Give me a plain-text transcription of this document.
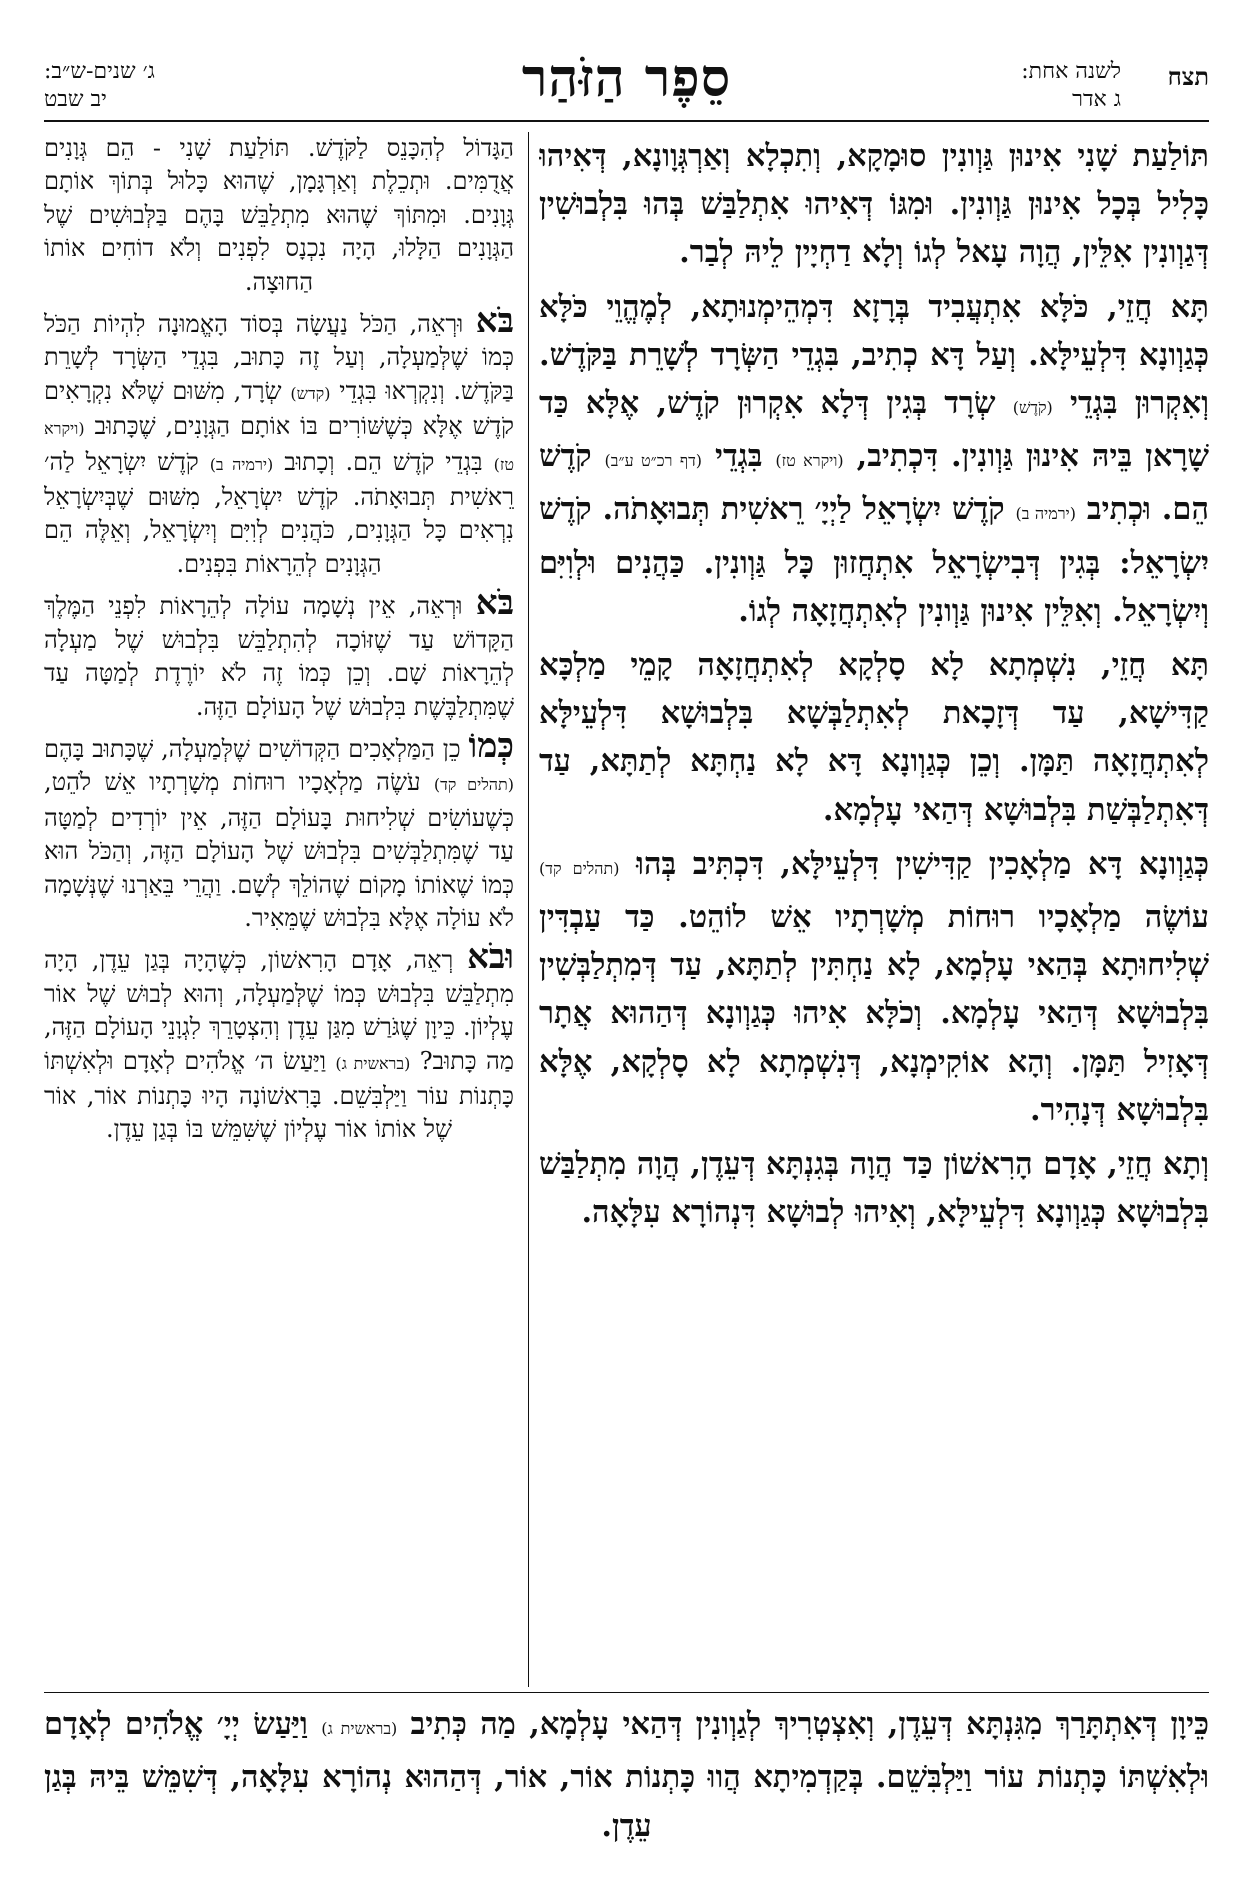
תצח
לשנה אחת:
ג אדר
סֵפֶר הַזֹּהַר
ג׳ שנים-ש״ב:
יב שבט

תּוֹלַעַת שָׁנִי אִינוּן גַּוְונִין סוּמָקָא, וְתִכְלָא וְאַרְגְּוָונָא, דְּאִיהוּ כָּלִיל בְּכָל אִינוּן גַּוְונִין. וּמִגּוֹ דְּאִיהוּ אִתְלַבַּשׁ בְּהוּ בִּלְבוּשִׁין דְּגַוְונִין אִלֵּין, הֲוָה עָאל לְגוֹ וְלָא דַחְיָין לֵיהּ לְבַר.

תָּא חֲזֵי, כֹּלָּא אִתְעֲבִיד בְּרָזָא דִּמְהֵימְנוּתָא, לְמֶהֱוֵי כֹּלָּא כְּגַוְונָא דִּלְעֵילָּא. וְעַל דָּא כְתִיב, בִּגְדֵי הַשְּׂרָד לְשָׁרֵת בַּקֹּדֶשׁ. וְאִקְרוּן בִּגְדֵי (קֹדֶשׁ) שְׂרָד בְּגִין דְּלָא אִקְרוּן קֹדֶשׁ, אֶלָּא כַּד שָׁרָאן בֵּיהּ אִינוּן גַּוְונִין. דִּכְתִיב, (ויקרא טז) בִּגְדֵי (דף רכ״ט ע״ב) קֹדֶשׁ הֵם. וּכְתִיב (ירמיה ב) קֹדֶשׁ יִשְׂרָאֵל לַיְיָ׳ רֵאשִׁית תְּבוּאָתֹה. קֹדֶשׁ יִשְׂרָאֵל: בְּגִין דְּבִישְׂרָאֵל אִתְחֲזוּן כָּל גַּוְונִין. כַּהֲנִים וּלְוִיִּם וְיִשְׂרָאֵל. וְאִלֵּין אִינוּן גַּוְונִין לְאִתְחֲזָאָה לְגוֹ.

תָּא חֲזֵי, נִשְׁמְתָא לָא סָלְקָא לְאִתְחֲזָאָה קָמֵי מַלְכָּא קַדִּישָׁא, עַד דְּזָכָאת לְאִתְלַבְּשָׁא בִּלְבוּשָׁא דִּלְעֵילָּא לְאִתְחֲזָאָה תַּמָּן. וְכֵן כְּגַוְונָא דָּא לָא נַחְתָּא לְתַתָּא, עַד דְּאִתְלַבְּשַׁת בִּלְבוּשָׁא דְּהַאי עָלְמָא.

כְּגַוְונָא דָּא מַלְאָכִין קַדִּישִׁין דִּלְעֵילָּא, דִּכְתִּיב בְּהוּ (תהלים קד) עוֹשֶׂה מַלְאָכָיו רוּחוֹת מְשָׁרְתָיו אֵשׁ לוֹהֵט. כַּד עַבְדִּין שְׁלִיחוּתָא בְּהַאי עָלְמָא, לָא נַחְתִּין לְתַתָּא, עַד דְּמִתְלַבְּשִׁין בִּלְבוּשָׁא דְּהַאי עָלְמָא. וְכֹלָּא אִיהוּ כְּגַוְונָא דְּהַהוּא אֲתָר דְּאָזִיל תַּמָּן. וְהָא אוֹקִימְנָא, דְּנִשְׁמְתָא לָא סָלְקָא, אֶלָּא בִּלְבוּשָׁא דְּנָהִיר.

וְתָא חֲזֵי, אָדָם הָרִאשׁוֹן כַּד הֲוָה בְּגִנְתָּא דְּעֵדֶן, הֲוָה מִתְלַבַּשׁ בִּלְבוּשָׁא כְּגַוְונָא דִּלְעֵילָּא, וְאִיהוּ לְבוּשָׁא דִּנְהוֹרָא עִלָּאָה.

הַגָּדוֹל לְהִכָּנֵס לַקֹּדֶשׁ. תּוֹלַעַת שָׁנִי - הֵם גְּוָנִים אֲדֻמִּים. וּתְכֵלֶת וְאַרְגָּמָן, שֶׁהוּא כָּלוּל בְּתוֹךְ אוֹתָם גְּוָנִים. וּמִתּוֹךְ שֶׁהוּא מִתְלַבֵּשׁ בָּהֶם בַּלְּבוּשִׁים שֶׁל הַגְּוָנִים הַלָּלוּ, הָיָה נִכְנָס לִפְנִים וְלֹא דוֹחִים אוֹתוֹ הַחוּצָה.

בֹּא וּרְאֵה, הַכֹּל נַעֲשָׂה בְּסוֹד הָאֱמוּנָה לִהְיוֹת הַכֹּל כְּמוֹ שֶׁלְּמַעְלָה, וְעַל זֶה כָּתוּב, בִּגְדֵי הַשְּׂרָד לְשָׁרֵת בַּקֹּדֶשׁ. וְנִקְרְאוּ בִּגְדֵי (קדש) שְׂרָד, מִשּׁוּם שֶׁלֹּא נִקְרָאִים קֹדֶשׁ אֶלָּא כְּשֶׁשּׁוֹרִים בּוֹ אוֹתָם הַגְּוָנִים, שֶׁכָּתוּב (ויקרא טז) בִּגְדֵי קֹדֶשׁ הֵם. וְכָתוּב (ירמיה ב) קֹדֶשׁ יִשְׂרָאֵל לַה׳ רֵאשִׁית תְּבוּאָתֹה. קֹדֶשׁ יִשְׂרָאֵל, מִשּׁוּם שֶׁבְּיִשְׂרָאֵל נִרְאִים כָּל הַגְּוָנִים, כֹּהֲנִים לְוִיִּם וְיִשְׂרָאֵל, וְאֵלֶּה הֵם הַגְּוָנִים לְהֵרָאוֹת בִּפְנִים.

בֹּא וּרְאֵה, אֵין נְשָׁמָה עוֹלָה לְהֵרָאוֹת לִפְנֵי הַמֶּלֶךְ הַקָּדוֹשׁ עַד שֶׁזּוֹכָה לְהִתְלַבֵּשׁ בִּלְבוּשׁ שֶׁל מַעְלָה לְהֵרָאוֹת שָׁם. וְכֵן כְּמוֹ זֶה לֹא יוֹרֶדֶת לְמַטָּה עַד שֶׁמִּתְלַבֶּשֶׁת בִּלְבוּשׁ שֶׁל הָעוֹלָם הַזֶּה.

כְּמוֹ כֵן הַמַּלְאָכִים הַקְּדוֹשִׁים שֶׁלְּמַעְלָה, שֶׁכָּתוּב בָּהֶם (תהלים קד) עֹשֶׂה מַלְאָכָיו רוּחוֹת מְשָׁרְתָיו אֵשׁ לֹהֵט, כְּשֶׁעוֹשִׂים שְׁלִיחוּת בָּעוֹלָם הַזֶּה, אֵין יוֹרְדִים לְמַטָּה עַד שֶׁמִּתְלַבְּשִׁים בִּלְבוּשׁ שֶׁל הָעוֹלָם הַזֶּה, וְהַכֹּל הוּא כְּמוֹ שֶׁאוֹתוֹ מָקוֹם שֶׁהוֹלֵךְ לְשָׁם. וַהֲרֵי בֵּאַרְנוּ שֶׁנְּשָׁמָה לֹא עוֹלָה אֶלָּא בִּלְבוּשׁ שֶׁמֵּאִיר.

וּבֹא רְאֵה, אָדָם הָרִאשׁוֹן, כְּשֶׁהָיָה בְּגַן עֵדֶן, הָיָה מִתְלַבֵּשׁ בִּלְבוּשׁ כְּמוֹ שֶׁלְּמַעְלָה, וְהוּא לְבוּשׁ שֶׁל אוֹר עֶלְיוֹן. כֵּיוָן שֶׁגֹּרַשׁ מִגַּן עֵדֶן וְהִצְטָרֵךְ לִגְוָנֵי הָעוֹלָם הַזֶּה, מַה כָּתוּב? (בראשית ג) וַיַּעַשׂ ה׳ אֱלֹהִים לְאָדָם וּלְאִשְׁתּוֹ כָּתְנוֹת עוֹר וַיַּלְבִּשֵׁם. בָּרִאשׁוֹנָה הָיוּ כָּתְנוֹת אוֹר, אוֹר שֶׁל אוֹתוֹ אוֹר עֶלְיוֹן שֶׁשִּׁמֵּשׁ בּוֹ בְּגַן עֵדֶן.

כֵּיוָן דְּאִתְתָּרַךְ מִגִּנְתָּא דְּעֵדֶן, וְאִצְטְרִיךְ לְגַוְונִין דְּהַאי עָלְמָא, מַה כְּתִיב (בראשית ג) וַיַּעַשׂ יְיָ׳ אֱלֹהִים לְאָדָם וּלְאִשְׁתּוֹ כָּתְנוֹת עוֹר וַיַּלְבִּשֵׁם. בְּקַדְמִיתָא הֲווּ כָּתְנוֹת אוֹר, אוֹר, דְּהַהוּא נְהוֹרָא עִלָּאָה, דְּשִׁמֵּשׁ בֵּיהּ בְּגַן עֵדֶן.
